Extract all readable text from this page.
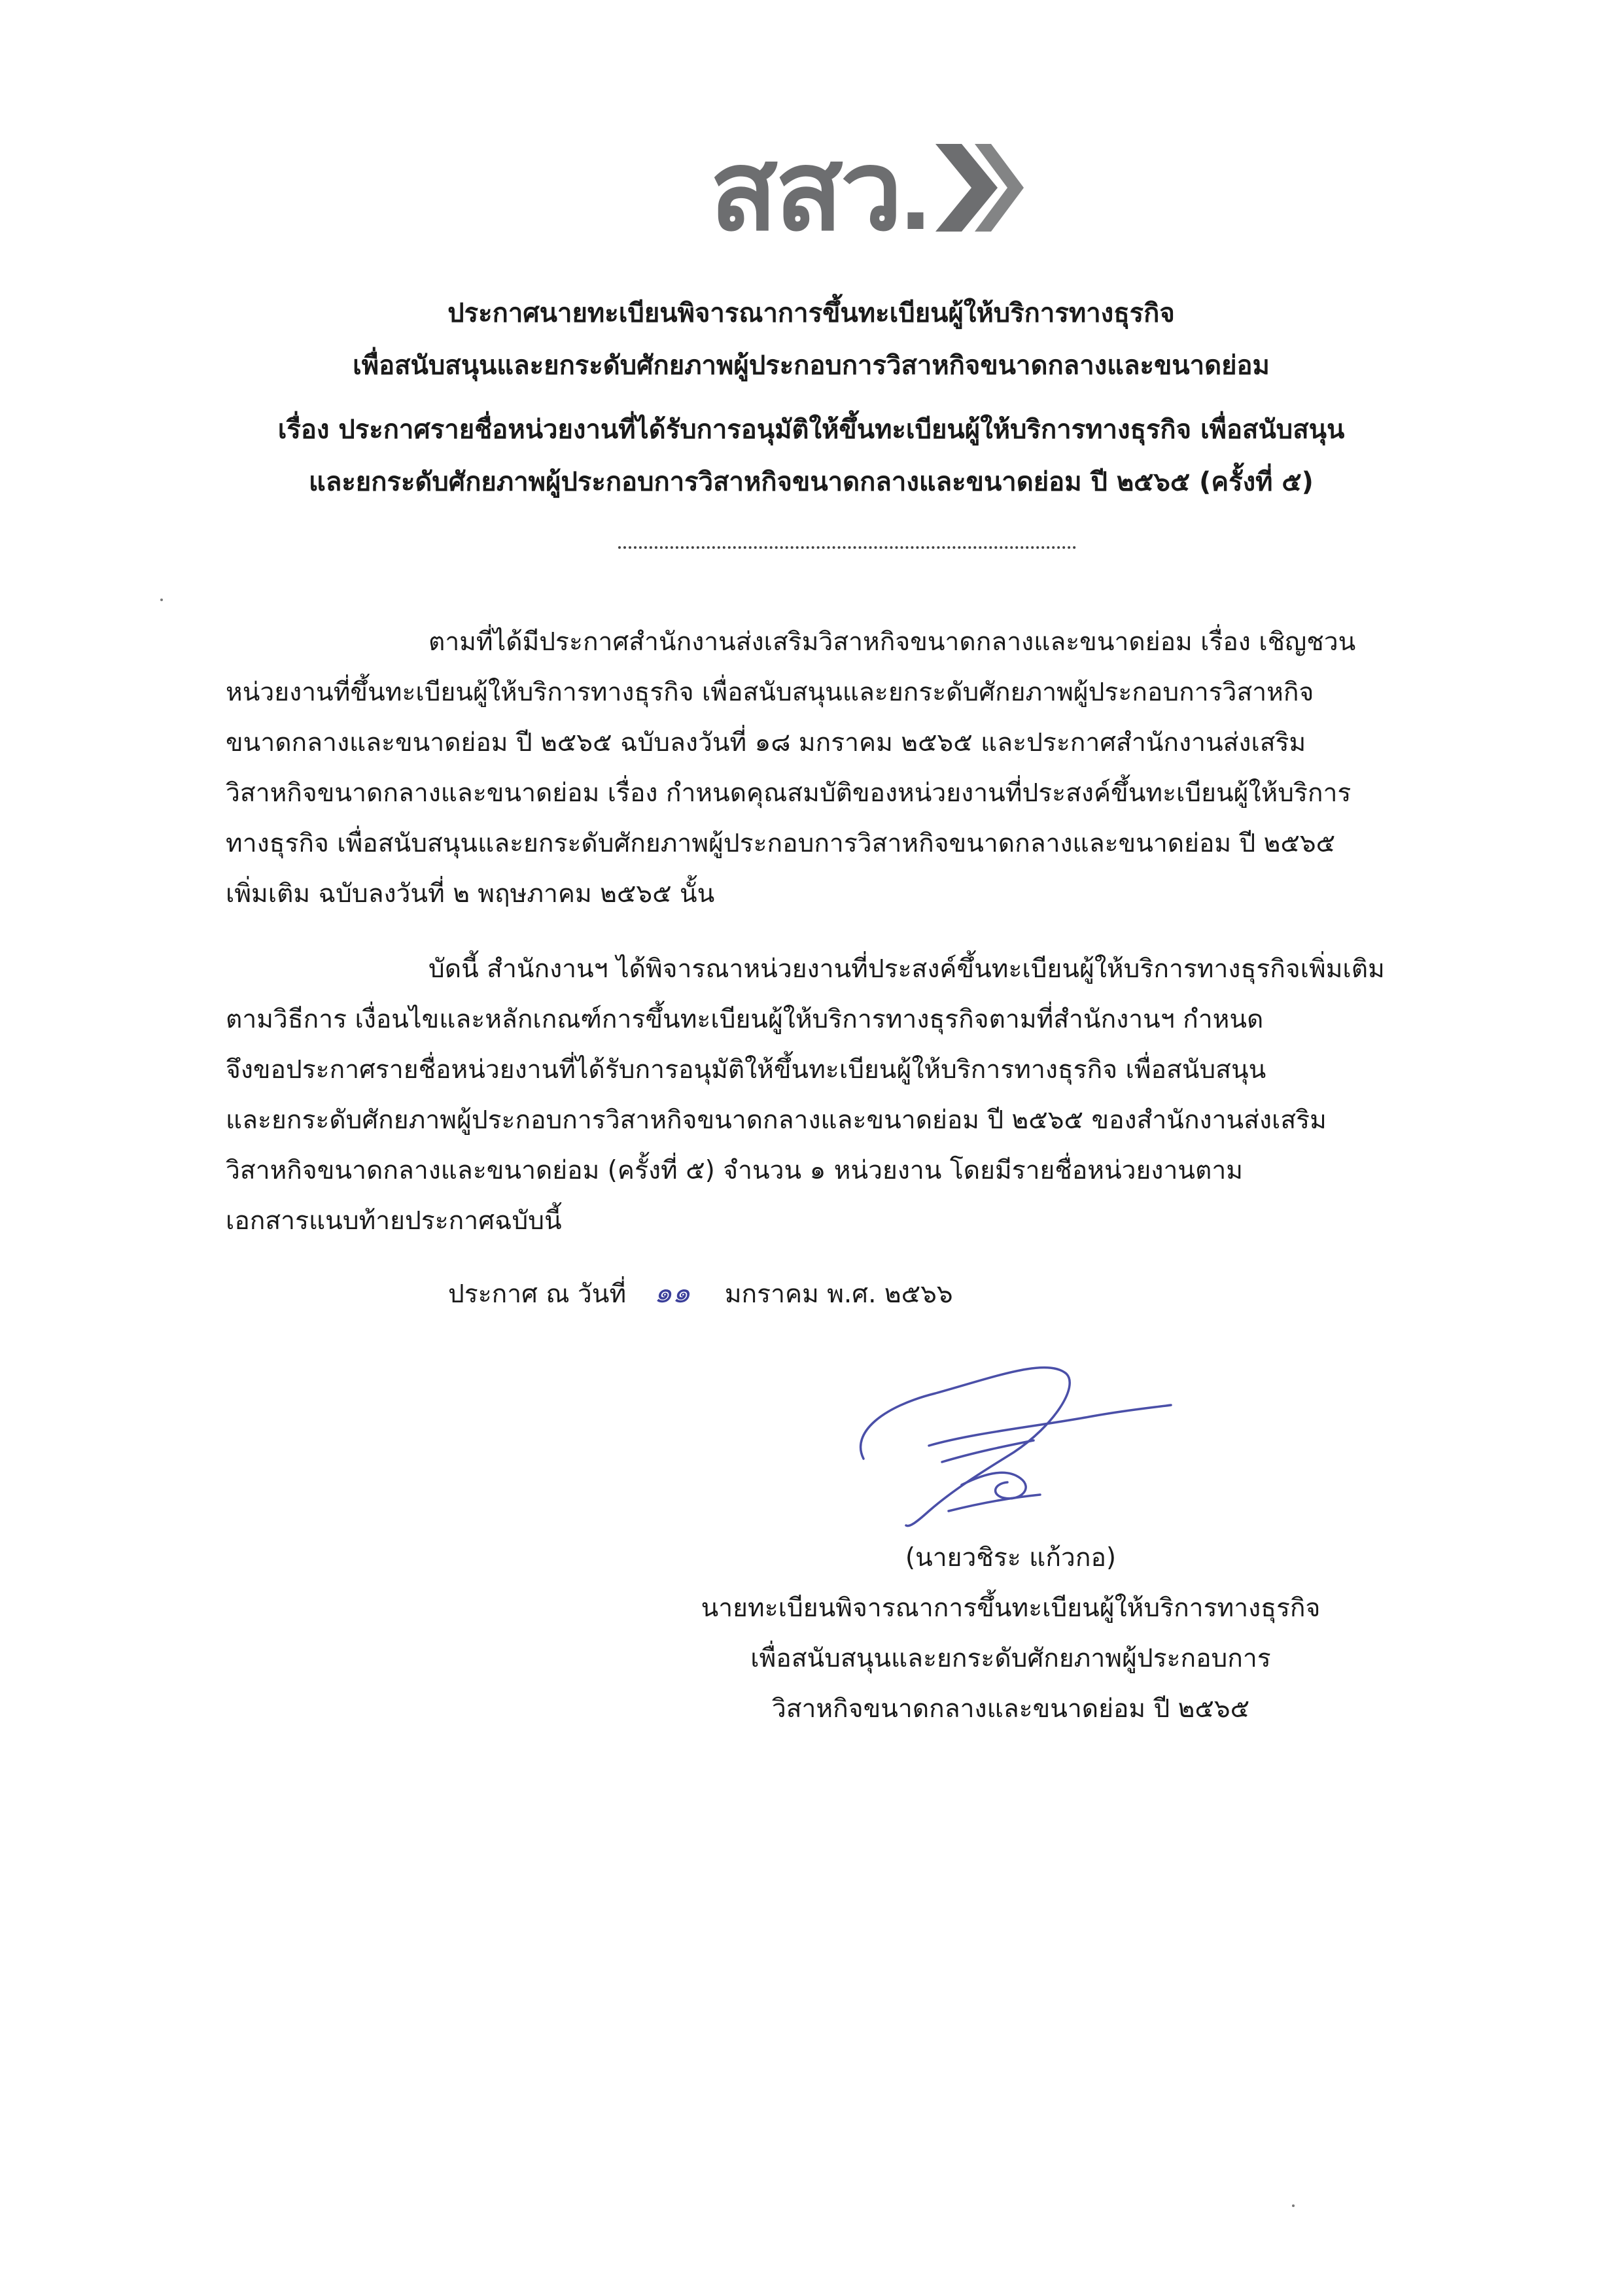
สสว.

ประกาศนายทะเบียนพิจารณาการขึ้นทะเบียนผู้ให้บริการทางธุรกิจ

เพื่อสนับสนุนและยกระดับศักยภาพผู้ประกอบการวิสาหกิจขนาดกลางและขนาดย่อม

เรื่อง ประกาศรายชื่อหน่วยงานที่ได้รับการอนุมัติให้ขึ้นทะเบียนผู้ให้บริการทางธุรกิจ เพื่อสนับสนุน

และยกระดับศักยภาพผู้ประกอบการวิสาหกิจขนาดกลางและขนาดย่อม ปี ๒๕๖๕ (ครั้งที่ ๕)

ตามที่ได้มีประกาศสำนักงานส่งเสริมวิสาหกิจขนาดกลางและขนาดย่อม เรื่อง เชิญชวน

หน่วยงานที่ขึ้นทะเบียนผู้ให้บริการทางธุรกิจ เพื่อสนับสนุนและยกระดับศักยภาพผู้ประกอบการวิสาหกิจ

ขนาดกลางและขนาดย่อม ปี ๒๕๖๕ ฉบับลงวันที่ ๑๘ มกราคม ๒๕๖๕ และประกาศสำนักงานส่งเสริม

วิสาหกิจขนาดกลางและขนาดย่อม เรื่อง กำหนดคุณสมบัติของหน่วยงานที่ประสงค์ขึ้นทะเบียนผู้ให้บริการ

ทางธุรกิจ เพื่อสนับสนุนและยกระดับศักยภาพผู้ประกอบการวิสาหกิจขนาดกลางและขนาดย่อม ปี ๒๕๖๕

เพิ่มเติม ฉบับลงวันที่ ๒ พฤษภาคม ๒๕๖๕ นั้น

บัดนี้ สำนักงานฯ ได้พิจารณาหน่วยงานที่ประสงค์ขึ้นทะเบียนผู้ให้บริการทางธุรกิจเพิ่มเติม

ตามวิธีการ เงื่อนไขและหลักเกณฑ์การขึ้นทะเบียนผู้ให้บริการทางธุรกิจตามที่สำนักงานฯ กำหนด

จึงขอประกาศรายชื่อหน่วยงานที่ได้รับการอนุมัติให้ขึ้นทะเบียนผู้ให้บริการทางธุรกิจ เพื่อสนับสนุน

และยกระดับศักยภาพผู้ประกอบการวิสาหกิจขนาดกลางและขนาดย่อม ปี ๒๕๖๕ ของสำนักงานส่งเสริม

วิสาหกิจขนาดกลางและขนาดย่อม (ครั้งที่ ๕) จำนวน ๑ หน่วยงาน โดยมีรายชื่อหน่วยงานตาม

เอกสารแนบท้ายประกาศฉบับนี้

ประกาศ ณ วันที่ ๑๑ มกราคม พ.ศ. ๒๕๖๖

(นายวชิระ แก้วกอ)

นายทะเบียนพิจารณาการขึ้นทะเบียนผู้ให้บริการทางธุรกิจ

เพื่อสนับสนุนและยกระดับศักยภาพผู้ประกอบการ

วิสาหกิจขนาดกลางและขนาดย่อม ปี ๒๕๖๕
